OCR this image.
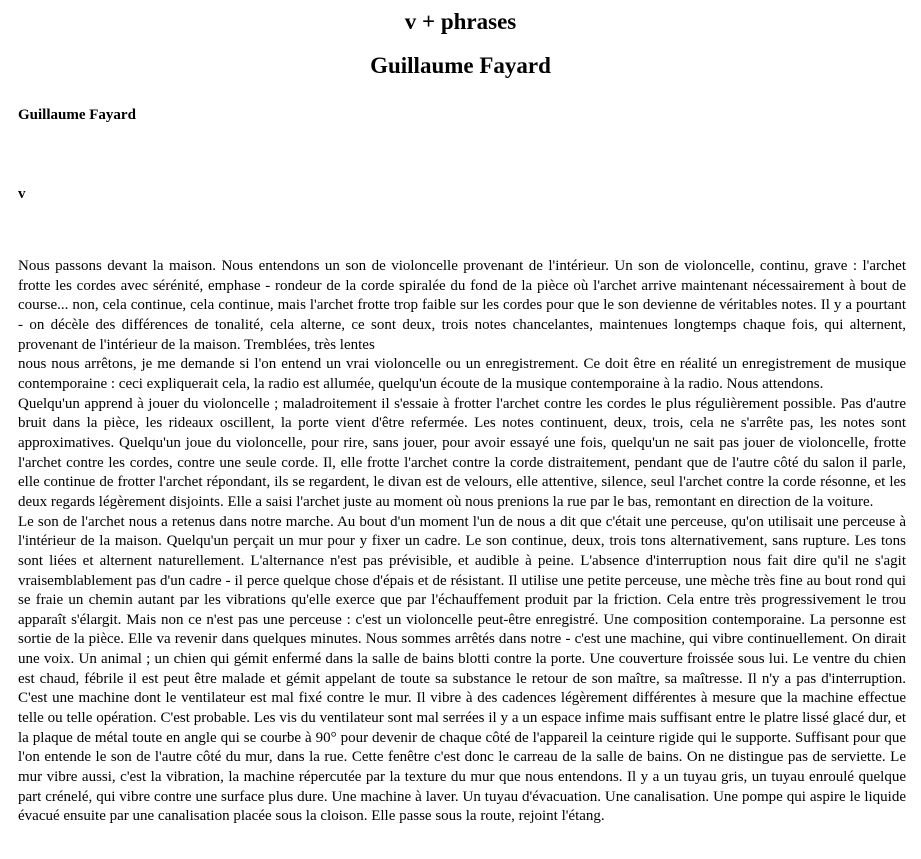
v + phrases
Guillaume Fayard

Guillaume Fayard

v

Nous passons devant la maison. Nous entendons un son de violoncelle provenant de l'intérieur. Un son de violoncelle, continu, grave : l'archet frotte les cordes avec sérénité, emphase - rondeur de la corde spiralée du fond de la pièce où l'archet arrive maintenant nécessairement à bout de course... non, cela continue, cela continue, mais l'archet frotte trop faible sur les cordes pour que le son devienne de véritables notes. Il y a pourtant - on décèle des différences de tonalité, cela alterne, ce sont deux, trois notes chancelantes, maintenues longtemps chaque fois, qui alternent, provenant de l'intérieur de la maison. Tremblées, très lentes

nous nous arrêtons, je me demande si l'on entend un vrai violoncelle ou un enregistrement. Ce doit être en réalité un enregistrement de musique contemporaine : ceci expliquerait cela, la radio est allumée, quelqu'un écoute de la musique contemporaine à la radio. Nous attendons.

Quelqu'un apprend à jouer du violoncelle ; maladroitement il s'essaie à frotter l'archet contre les cordes le plus régulièrement possible. Pas d'autre bruit dans la pièce, les rideaux oscillent, la porte vient d'être refermée. Les notes continuent, deux, trois, cela ne s'arrête pas, les notes sont approximatives. Quelqu'un joue du violoncelle, pour rire, sans jouer, pour avoir essayé une fois, quelqu'un ne sait pas jouer de violoncelle, frotte l'archet contre les cordes, contre une seule corde. Il, elle frotte l'archet contre la corde distraitement, pendant que de l'autre côté du salon il parle, elle continue de frotter l'archet répondant, ils se regardent, le divan est de velours, elle attentive, silence, seul l'archet contre la corde résonne, et les deux regards légèrement disjoints. Elle a saisi l'archet juste au moment où nous prenions la rue par le bas, remontant en direction de la voiture.

Le son de l'archet nous a retenus dans notre marche. Au bout d'un moment l'un de nous a dit que c'était une perceuse, qu'on utilisait une perceuse à l'intérieur de la maison. Quelqu'un perçait un mur pour y fixer un cadre. Le son continue, deux, trois tons alternativement, sans rupture. Les tons sont liées et alternent naturellement. L'alternance n'est pas prévisible, et audible à peine. L'absence d'interruption nous fait dire qu'il ne s'agit vraisemblablement pas d'un cadre - il perce quelque chose d'épais et de résistant. Il utilise une petite perceuse, une mèche très fine au bout rond qui se fraie un chemin autant par les vibrations qu'elle exerce que par l'échauffement produit par la friction. Cela entre très progressivement le trou apparaît s'élargit. Mais non ce n'est pas une perceuse : c'est un violoncelle peut-être enregistré. Une composition contemporaine. La personne est sortie de la pièce. Elle va revenir dans quelques minutes. Nous sommes arrêtés dans notre - c'est une machine, qui vibre continuellement. On dirait une voix. Un animal ; un chien qui gémit enfermé dans la salle de bains blotti contre la porte. Une couverture froissée sous lui. Le ventre du chien est chaud, fébrile il est peut être malade et gémit appelant de toute sa substance le retour de son maître, sa maîtresse. Il n'y a pas d'interruption. C'est une machine dont le ventilateur est mal fixé contre le mur. Il vibre à des cadences légèrement différentes à mesure que la machine effectue telle ou telle opération. C'est probable. Les vis du ventilateur sont mal serrées il y a un espace infime mais suffisant entre le platre lissé glacé dur, et la plaque de métal toute en angle qui se courbe à 90° pour devenir de chaque côté de l'appareil la ceinture rigide qui le supporte. Suffisant pour que l'on entende le son de l'autre côté du mur, dans la rue. Cette fenêtre c'est donc le carreau de la salle de bains. On ne distingue pas de serviette. Le mur vibre aussi, c'est la vibration, la machine répercutée par la texture du mur que nous entendons. Il y a un tuyau gris, un tuyau enroulé quelque part crénelé, qui vibre contre une surface plus dure. Une machine à laver. Un tuyau d'évacuation. Une canalisation. Une pompe qui aspire le liquide évacué ensuite par une canalisation placée sous la cloison. Elle passe sous la route, rejoint l'étang.
